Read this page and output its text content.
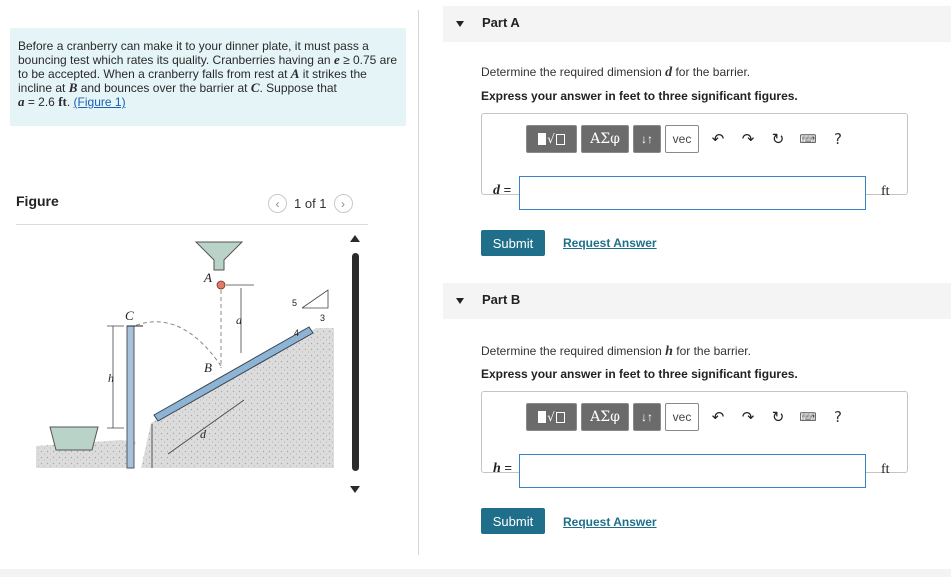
Before a cranberry can make it to your dinner plate, it must pass a bouncing test which rates its quality. Cranberries having an e ≥ 0.75 are to be accepted. When a cranberry falls from rest at A it strikes the incline at B and bounces over the barrier at C. Suppose that
a = 2.6 ft. (Figure 1)
Figure	‹ 1 of 1 ›
A
B
C	a
d
h
5
3
4
Part A
Determine the required dimension d for the barrier.
Express your answer in feet to three significant figures.
√	ΑΣφ	↓↑	vec	↶	↷	↻	⌨	?
d =	ft
Submit	Request Answer
Part B
Determine the required dimension h for the barrier.
Express your answer in feet to three significant figures.
√	ΑΣφ	↓↑	vec	↶	↷	↻	⌨	?
h =	ft
Submit	Request Answer
